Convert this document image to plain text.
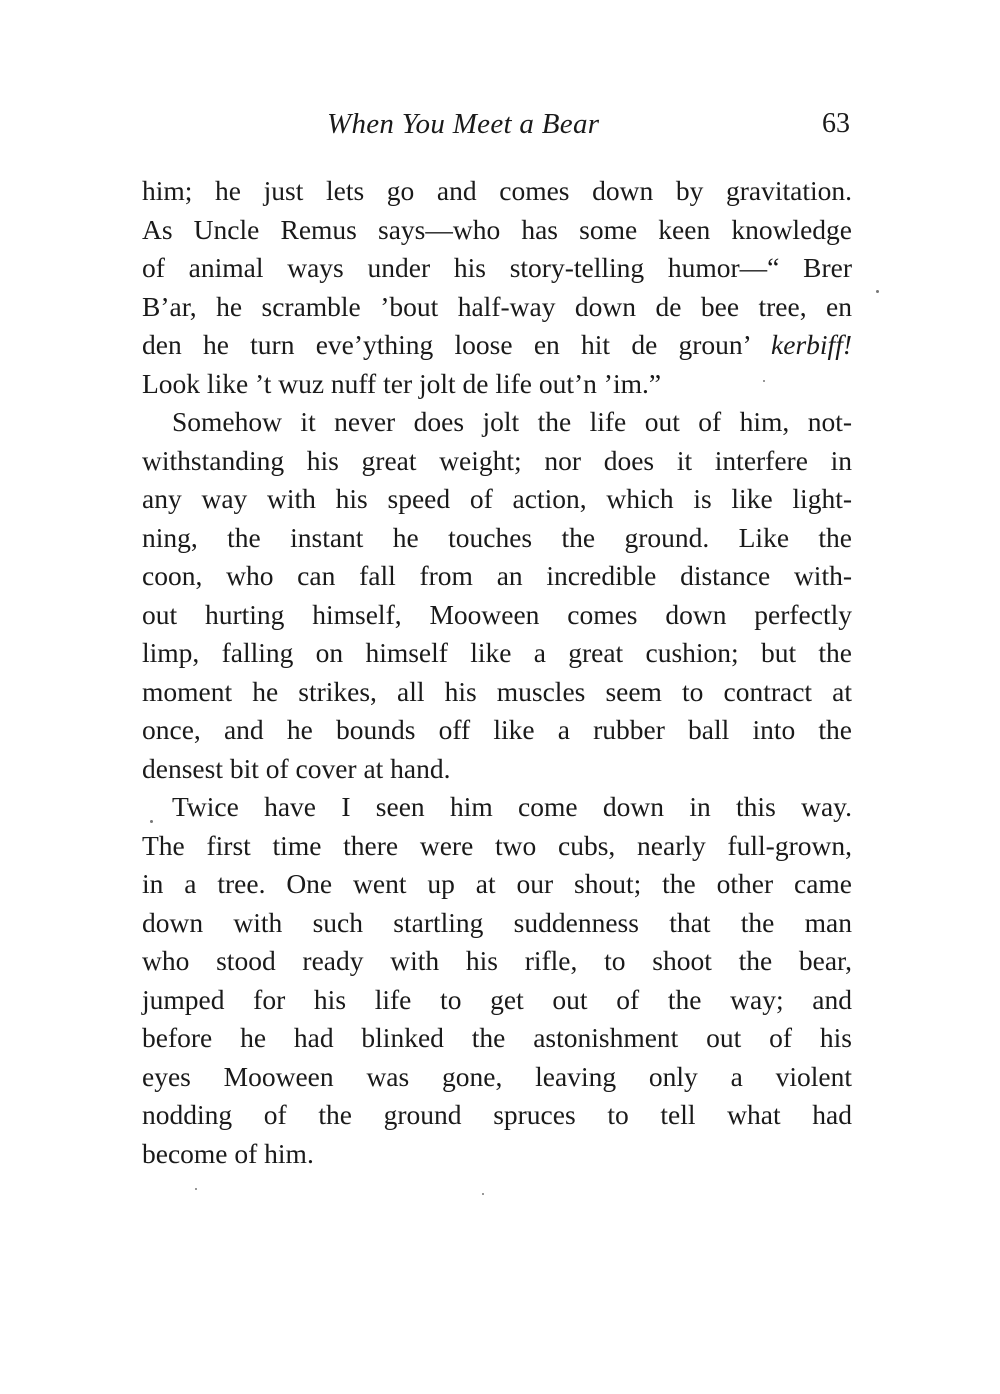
When You Meet a Bear	63
him; he just lets go and comes down by gravitation.
As Uncle Remus says—who has some keen knowledge
of animal ways under his story-telling humor—“ Brer
B’ar, he scramble ’bout half-way down de bee tree, en
den he turn eve’ything loose en hit de groun’ kerbiff!
Look like ’t wuz nuff ter jolt de life out’n ’im.”
Somehow it never does jolt the life out of him, not-
withstanding his great weight; nor does it interfere in
any way with his speed of action, which is like light-
ning, the instant he touches the ground. Like the
coon, who can fall from an incredible distance with-
out hurting himself, Mooween comes down perfectly
limp, falling on himself like a great cushion; but the
moment he strikes, all his muscles seem to contract at
once, and he bounds off like a rubber ball into the
densest bit of cover at hand.
Twice have I seen him come down in this way.
The first time there were two cubs, nearly full-grown,
in a tree. One went up at our shout; the other came
down with such startling suddenness that the man
who stood ready with his rifle, to shoot the bear,
jumped for his life to get out of the way; and
before he had blinked the astonishment out of his
eyes Mooween was gone, leaving only a violent
nodding of the ground spruces to tell what had
become of him.
